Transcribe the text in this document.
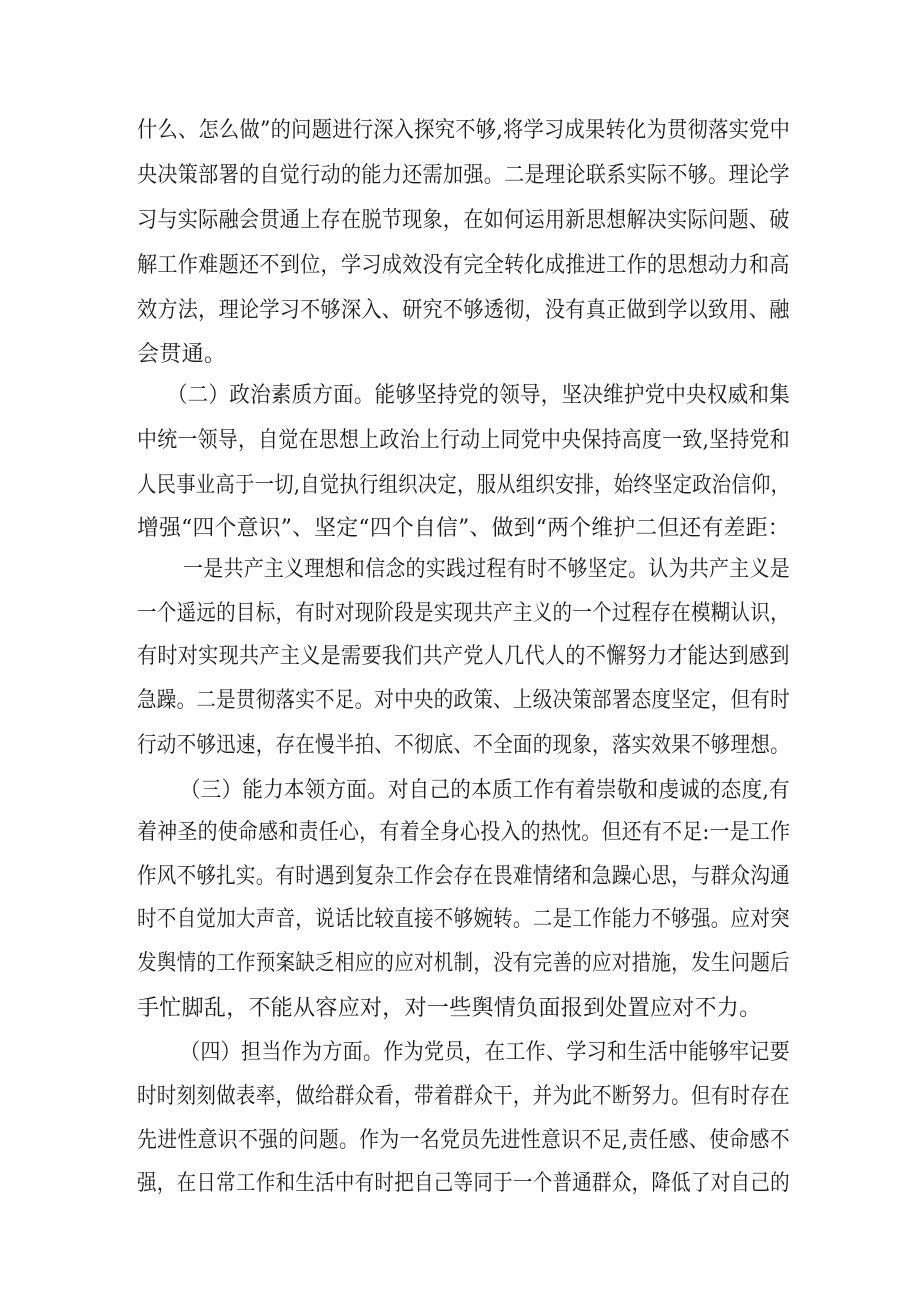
什么、怎么做”的问题进行深入探究不够,将学习成果转化为贯彻落实党中
央决策部署的自觉行动的能力还需加强。二是理论联系实际不够。理论学
习与实际融会贯通上存在脱节现象，在如何运用新思想解决实际问题、破
解工作难题还不到位，学习成效没有完全转化成推进工作的思想动力和高
效方法，理论学习不够深入、研究不够透彻，没有真正做到学以致用、融
会贯通。
（二）政治素质方面。能够坚持党的领导，坚决维护党中央权威和集
中统一领导，自觉在思想上政治上行动上同党中央保持高度一致,坚持党和
人民事业高于一切,自觉执行组织决定，服从组织安排，始终坚定政治信仰，
增强“四个意识”、坚定“四个自信”、做到“两个维护二但还有差距：
一是共产主义理想和信念的实践过程有时不够坚定。认为共产主义是
一个遥远的目标，有时对现阶段是实现共产主义的一个过程存在模糊认识，
有时对实现共产主义是需要我们共产党人几代人的不懈努力才能达到感到
急躁。二是贯彻落实不足。对中央的政策、上级决策部署态度坚定，但有时
行动不够迅速，存在慢半拍、不彻底、不全面的现象，落实效果不够理想。
（三）能力本领方面。对自己的本质工作有着崇敬和虔诚的态度,有
着神圣的使命感和责任心，有着全身心投入的热忱。但还有不足:一是工作
作风不够扎实。有时遇到复杂工作会存在畏难情绪和急躁心思，与群众沟通
时不自觉加大声音，说话比较直接不够婉转。二是工作能力不够强。应对突
发舆情的工作预案缺乏相应的应对机制，没有完善的应对措施，发生问题后
手忙脚乱，不能从容应对，对一些舆情负面报到处置应对不力。
（四）担当作为方面。作为党员，在工作、学习和生活中能够牢记要
时时刻刻做表率，做给群众看，带着群众干，并为此不断努力。但有时存在
先进性意识不强的问题。作为一名党员先进性意识不足,责任感、使命感不
强，在日常工作和生活中有时把自己等同于一个普通群众，降低了对自己的
